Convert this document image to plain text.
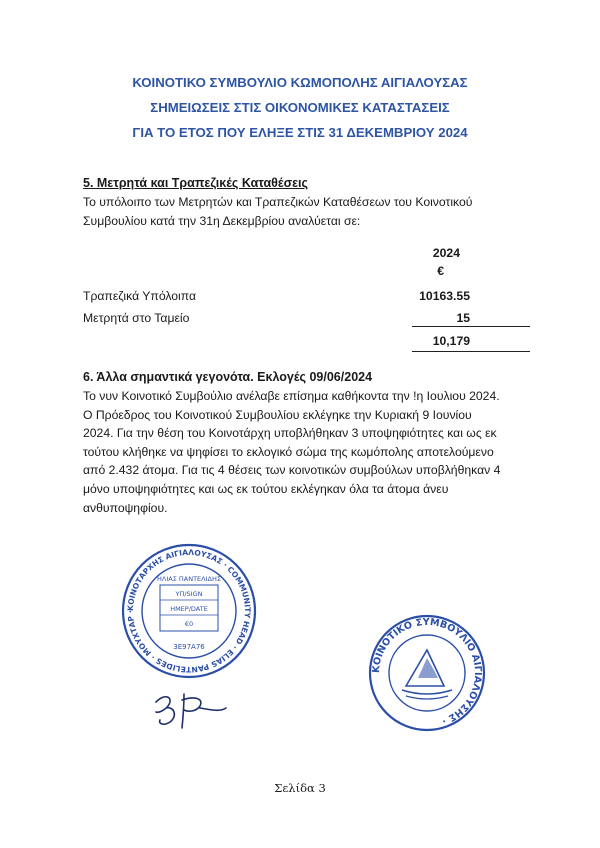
ΚΟΙΝΟΤΙΚΟ ΣΥΜΒΟΥΛΙΟ ΚΩΜΟΠΟΛΗΣ ΑΙΓΙΑΛΟΥΣΑΣ
ΣΗΜΕΙΩΣΕΙΣ ΣΤΙΣ ΟΙΚΟΝΟΜΙΚΕΣ ΚΑΤΑΣΤΑΣΕΙΣ
ΓΙΑ ΤΟ ΕΤΟΣ ΠΟΥ ΕΛΗΞΕ ΣΤΙΣ 31 ΔΕΚΕΜΒΡΙΟΥ 2024
5. Μετρητά και Τραπεζικές Καταθέσεις
Το υπόλοιπο των Μετρητών και Τραπεζικών Καταθέσεων του Κοινοτικού
Συμβουλίου κατά την 31η Δεκεμβρίου αναλύεται σε:
2024
€
Τραπεζικά Υπόλοιπα	10163.55
Μετρητά στο Ταμείο	15
10,179
6. Άλλα σημαντικά γεγονότα. Εκλογές 09/06/2024
Το νυν Κοινοτικό Συμβούλιο ανέλαβε επίσημα καθήκοντα την !η Ιουλιου 2024.
Ο Πρόεδρος του Κοινοτικού Συμβουλίου εκλέγηκε την Κυριακή 9 Ιουνίου
2024. Για την θέση του Κοινοτάρχη υποβλήθηκαν 3 υποψηφιότητες και ως εκ
τούτου κλήθηκε να ψηφίσει το εκλογικό σώμα της κωμόπολης αποτελούμενο
από 2.432 άτομα. Για τις 4 θέσεις των κοινοτικών συμβούλων υποβλήθηκαν 4
μόνο υποψηφιότητες και ως εκ τούτου εκλέγηκαν όλα τα άτομα άνευ
ανθυποψηφίου.
ΚΟΙΝΟΤΑΡΧΗΣ ΑΙΓΙΑΛΟΥΣΑΣ · COMMUNITY HEAD · ELIAS PANTELIDES · ΜΟΥΧΤΑΡ ·
ΗΛΙΑΣ ΠΑΝΤΕΛΙΔΗΣ
ΥΠ/SIGN
ΗΜΕΡ/DATE
€0
3E97A76
ΚΟΙΝΟΤΙΚΟ ΣΥΜΒΟΥΛΙΟ ΑΙΓΙΑΛΟΥΣΗΣ ·
Σελίδα 3
